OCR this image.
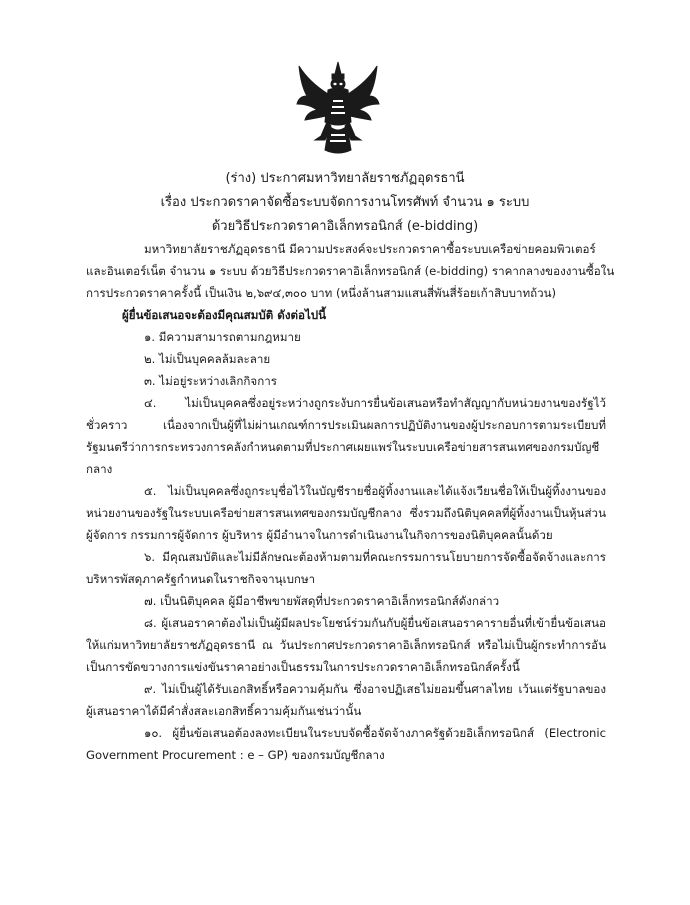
(ร่าง) ประกาศมหาวิทยาลัยราชภัฏอุดรธานี
เรื่อง ประกวดราคาจัดซื้อระบบจัดการงานโทรศัพท์ จำนวน ๑ ระบบ
ด้วยวิธีประกวดราคาอิเล็กทรอนิกส์ (e-bidding)

มหาวิทยาลัยราชภัฏอุดรธานี มีความประสงค์จะประกวดราคาซื้อระบบเครือข่ายคอมพิวเตอร์

และอินเตอร์เน็ต จำนวน ๑ ระบบ ด้วยวิธีประกวดราคาอิเล็กทรอนิกส์ (e-bidding) ราคากลางของงานซื้อใน

การประกวดราคาครั้งนี้ เป็นเงิน ๒,๖๙๔,๓๐๐ บาท (หนึ่งล้านสามแสนสี่พันสี่ร้อยเก้าสิบบาทถ้วน)

ผู้ยื่นข้อเสนอจะต้องมีคุณสมบัติ ดังต่อไปนี้

๑. มีความสามารถตามกฎหมาย

๒. ไม่เป็นบุคคลล้มละลาย

๓. ไม่อยู่ระหว่างเลิกกิจการ

๔. ไม่เป็นบุคคลซึ่งอยู่ระหว่างถูกระงับการยื่นข้อเสนอหรือทำสัญญากับหน่วยงานของรัฐไว้ชั่วคราว เนื่องจากเป็นผู้ที่ไม่ผ่านเกณฑ์การประเมินผลการปฏิบัติงานของผู้ประกอบการตามระเบียบที่รัฐมนตรีว่าการกระทรวงการคลังกำหนดตามที่ประกาศเผยแพร่ในระบบเครือข่ายสารสนเทศของกรมบัญชีกลาง

๕. ไม่เป็นบุคคลซึ่งถูกระบุชื่อไว้ในบัญชีรายชื่อผู้ทิ้งงานและได้แจ้งเวียนชื่อให้เป็นผู้ทิ้งงานของหน่วยงานของรัฐในระบบเครือข่ายสารสนเทศของกรมบัญชีกลาง ซึ่งรวมถึงนิติบุคคลที่ผู้ทิ้งงานเป็นหุ้นส่วนผู้จัดการ กรรมการผู้จัดการ ผู้บริหาร ผู้มีอำนาจในการดำเนินงานในกิจการของนิติบุคคลนั้นด้วย

๖. มีคุณสมบัติและไม่มีลักษณะต้องห้ามตามที่คณะกรรมการนโยบายการจัดซื้อจัดจ้างและการบริหารพัสดุภาครัฐกำหนดในราชกิจจานุเบกษา

๗. เป็นนิติบุคคล ผู้มีอาชีพขายพัสดุที่ประกวดราคาอิเล็กทรอนิกส์ดังกล่าว

๘. ผู้เสนอราคาต้องไม่เป็นผู้มีผลประโยชน์ร่วมกันกับผู้ยื่นข้อเสนอราคารายอื่นที่เข้ายื่นข้อเสนอให้แก่มหาวิทยาลัยราชภัฏอุดรธานี ณ วันประกาศประกวดราคาอิเล็กทรอนิกส์ หรือไม่เป็นผู้กระทำการอันเป็นการขัดขวางการแข่งขันราคาอย่างเป็นธรรมในการประกวดราคาอิเล็กทรอนิกส์ครั้งนี้

๙. ไม่เป็นผู้ได้รับเอกสิทธิ์หรือความคุ้มกัน ซึ่งอาจปฏิเสธไม่ยอมขึ้นศาลไทย เว้นแต่รัฐบาลของผู้เสนอราคาได้มีคำสั่งสละเอกสิทธิ์ความคุ้มกันเช่นว่านั้น

๑๐. ผู้ยื่นข้อเสนอต้องลงทะเบียนในระบบจัดซื้อจัดจ้างภาครัฐด้วยอิเล็กทรอนิกส์ (Electronic Government Procurement : e – GP) ของกรมบัญชีกลาง
